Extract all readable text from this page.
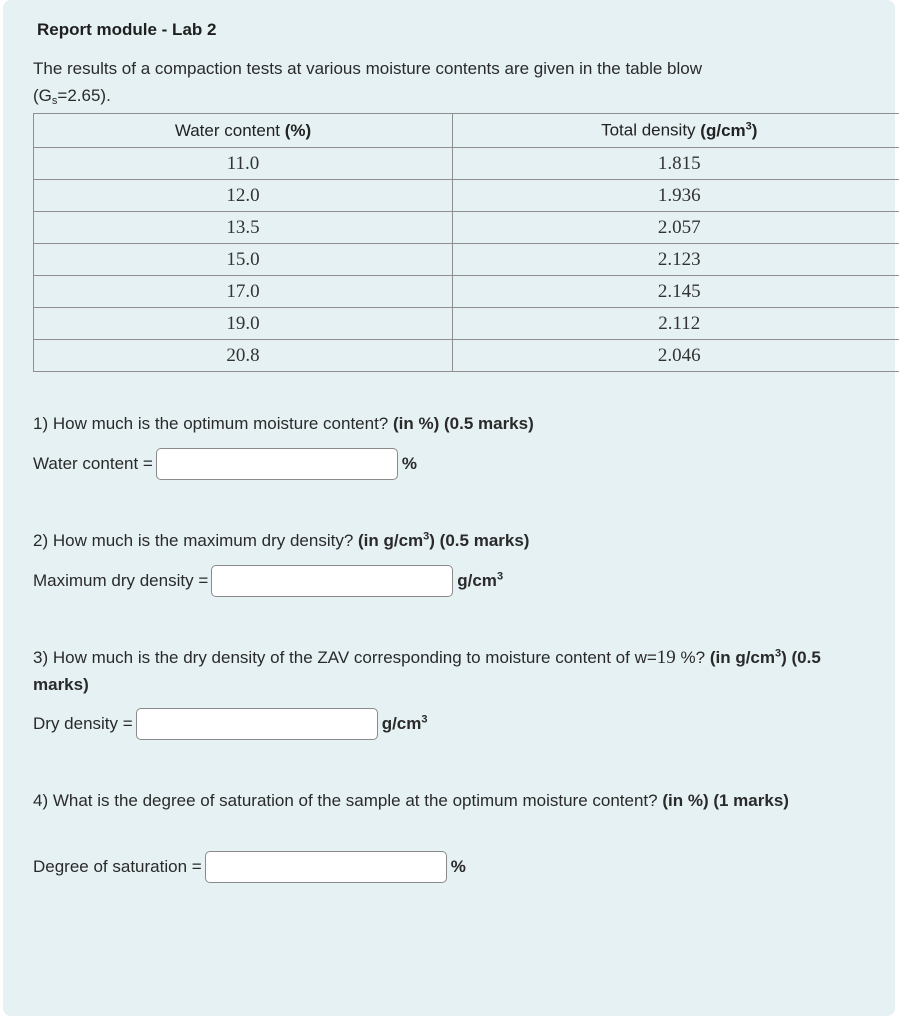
Report module - Lab 2
The results of a compaction tests at various moisture contents are given in the table blow
$(G_s=2.65)$.
Water content (%)	Total density $(g/cm^3)$
11.0	1.815
12.0	1.936
13.5	2.057
15.0	2.123
17.0	2.145
19.0	2.112
20.8	2.046
1) How much is the optimum moisture content? (in %) (0.5 marks)
Water content =	%
2) How much is the maximum dry density? (in $g/cm^3$) (0.5 marks)
Maximum dry density =	$g/cm^3$
3) How much is the dry density of the ZAV corresponding to moisture content of w=19 %? (in $g/cm^3$) (0.5 marks)
Dry density =	$g/cm^3$
4) What is the degree of saturation of the sample at the optimum moisture content? (in %) (1 marks)
Degree of saturation =	%
